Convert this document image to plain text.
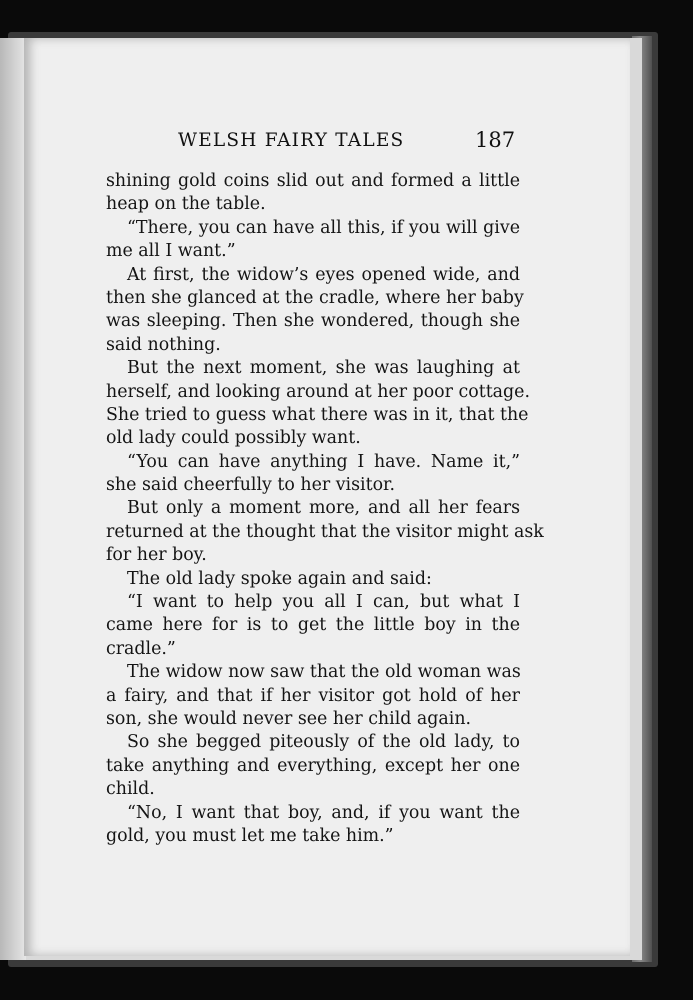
WELSH FAIRY TALES	187
shining gold coins slid out and formed a little
heap on the table.
“There, you can have all this, if you will give
me all I want.”
At first, the widow’s eyes opened wide, and
then she glanced at the cradle, where her baby
was sleeping. Then she wondered, though she
said nothing.
But the next moment, she was laughing at
herself, and looking around at her poor cottage.
She tried to guess what there was in it, that the
old lady could possibly want.
“You can have anything I have. Name it,”
she said cheerfully to her visitor.
But only a moment more, and all her fears
returned at the thought that the visitor might ask
for her boy.
The old lady spoke again and said:
“I want to help you all I can, but what I
came here for is to get the little boy in the
cradle.”
The widow now saw that the old woman was
a fairy, and that if her visitor got hold of her
son, she would never see her child again.
So she begged piteously of the old lady, to
take anything and everything, except her one
child.
“No, I want that boy, and, if you want the
gold, you must let me take him.”
